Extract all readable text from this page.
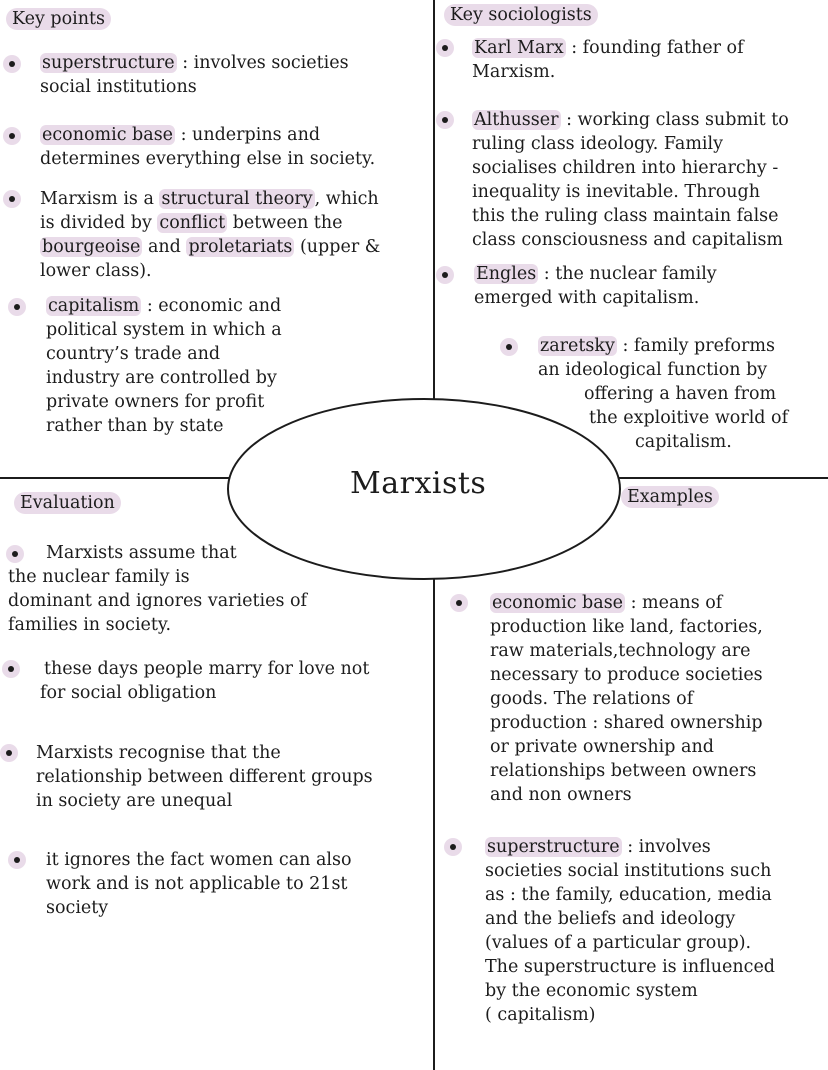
Marxists
Key points	Key sociologists
Evaluation	Examples
superstructure : involves societies
social institutions
economic base : underpins and
determines everything else in society.
Marxism is a structural theory , which
is divided by conflict between the
bourgeoise and proletariats (upper &
lower class).
capitalism : economic and
political system in which a
country’s trade and
industry are controlled by
private owners for profit
rather than by state
Karl Marx : founding father of
Marxism.
Althusser : working class submit to
ruling class ideology. Family
socialises children into hierarchy -
inequality is inevitable. Through
this the ruling class maintain false
class consciousness and capitalism
Engles : the nuclear family
emerged with capitalism.
zaretsky : family preforms
an ideological function by
offering a haven from
the exploitive world of
capitalism.
Marxists assume that
the nuclear family is
dominant and ignores varieties of
families in society.
these days people marry for love not
for social obligation
Marxists recognise that the
relationship between different groups
in society are unequal
it ignores the fact women can also
work and is not applicable to 21st
society
economic base : means of
production like land, factories,
raw materials,technology are
necessary to produce societies
goods. The relations of
production : shared ownership
or private ownership and
relationships between owners
and non owners
superstructure : involves
societies social institutions such
as : the family, education, media
and the beliefs and ideology
(values of a particular group).
The superstructure is influenced
by the economic system
( capitalism)
